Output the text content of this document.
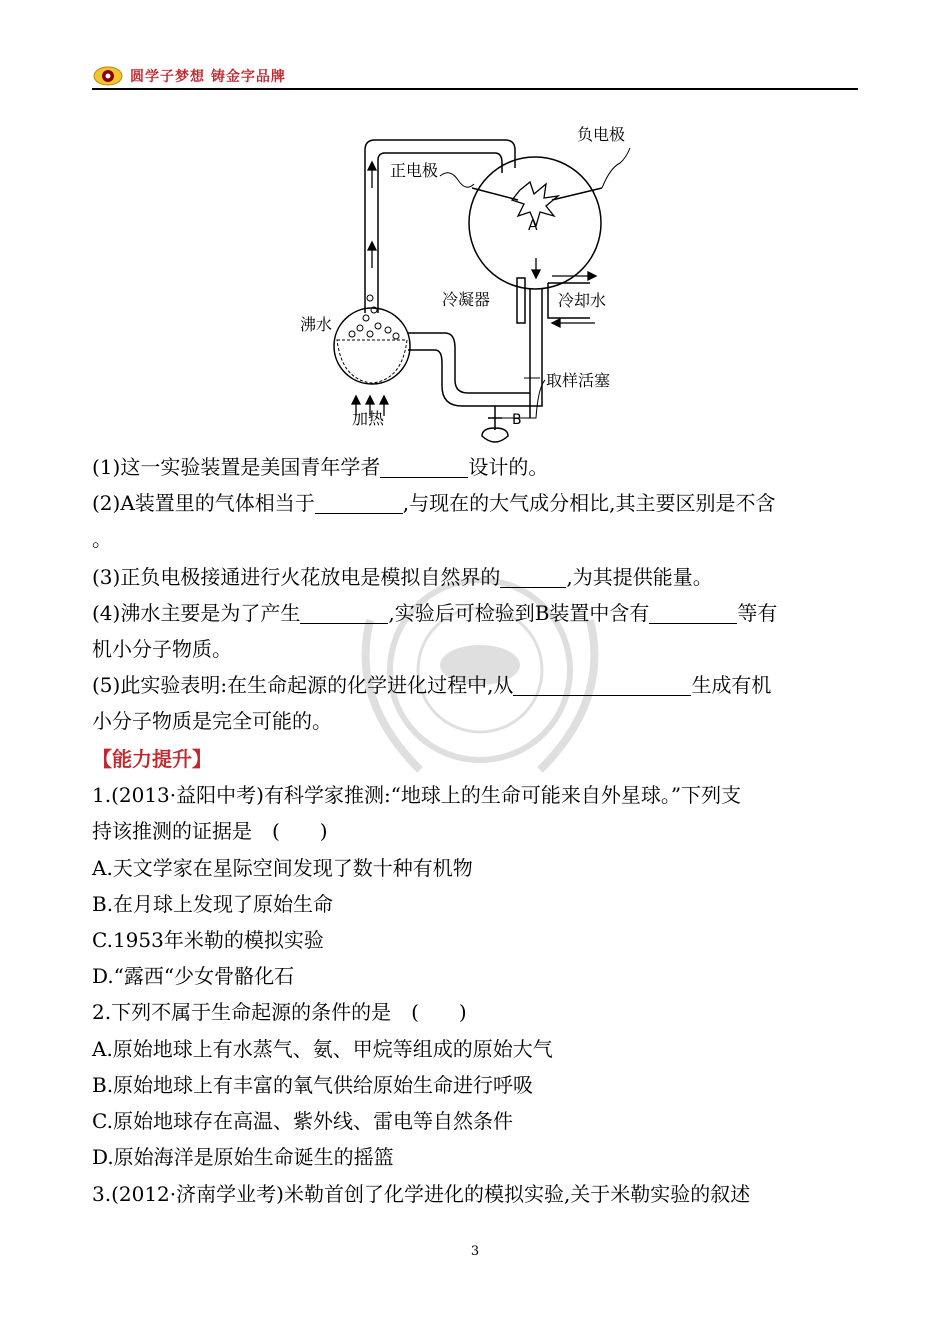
圆学子梦想 铸金字品牌
负电极
正电极
A
冷凝器	冷却水
沸水
取样活塞
加热	B
(1)这一实验装置是美国青年学者	设计的。
(2)A装置里的气体相当于	,与现在的大气成分相比,其主要区别是不含
。
(3)正负电极接通进行火花放电是模拟自然界的	,为其提供能量。
(4)沸水主要是为了产生	,实验后可检验到B装置中含有	等有
机小分子物质。
(5)此实验表明:在生命起源的化学进化过程中,从	生成有机
小分子物质是完全可能的。
【能力提升】
1.(2013·益阳中考)有科学家推测:“地球上的生命可能来自外星球。”下列支
持该推测的证据是　(　　)
A.天文学家在星际空间发现了数十种有机物
B.在月球上发现了原始生命
C.1953年米勒的模拟实验
D.“露西“少女骨骼化石
2.下列不属于生命起源的条件的是　(　　)
A.原始地球上有水蒸气、氨、甲烷等组成的原始大气
B.原始地球上有丰富的氧气供给原始生命进行呼吸
C.原始地球存在高温、紫外线、雷电等自然条件
D.原始海洋是原始生命诞生的摇篮
3.(2012·济南学业考)米勒首创了化学进化的模拟实验,关于米勒实验的叙述
3
